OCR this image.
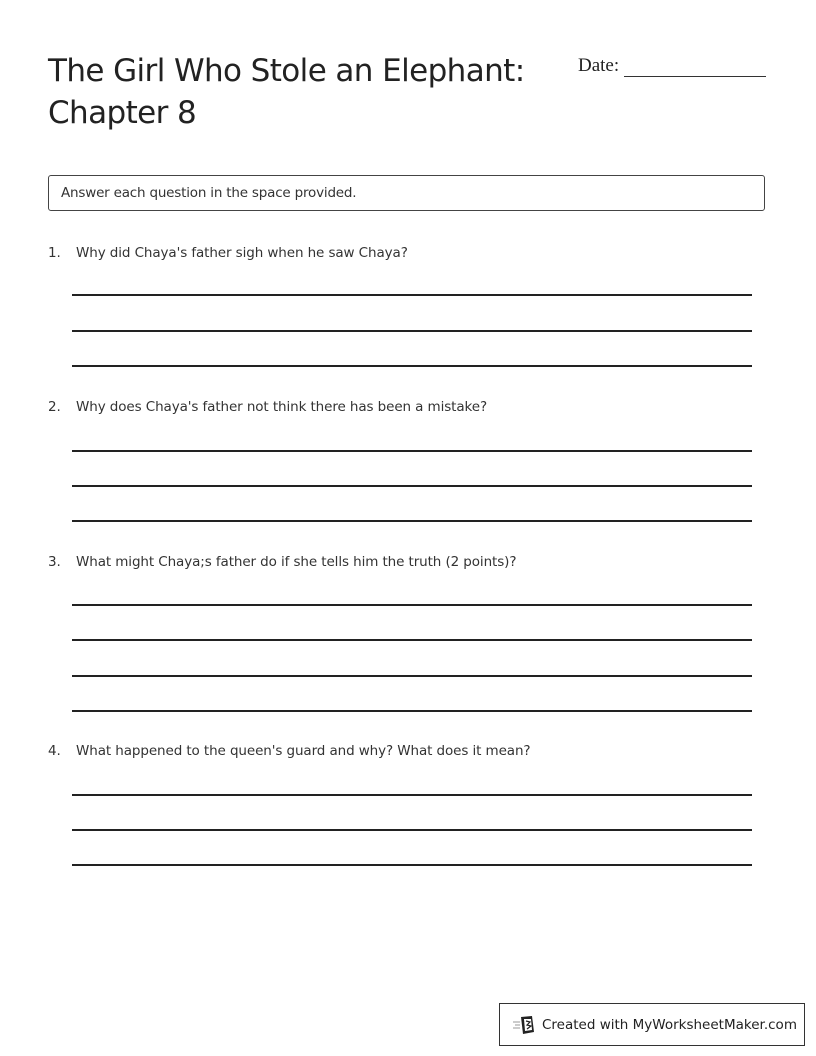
The Girl Who Stole an Elephant:
Chapter 8
Date:
Answer each question in the space provided.
1.	Why did Chaya's father sigh when he saw Chaya?
2.	Why does Chaya's father not think there has been a mistake?
3.	What might Chaya;s father do if she tells him the truth (2 points)?
4.	What happened to the queen's guard and why? What does it mean?
Created with MyWorksheetMaker.com
